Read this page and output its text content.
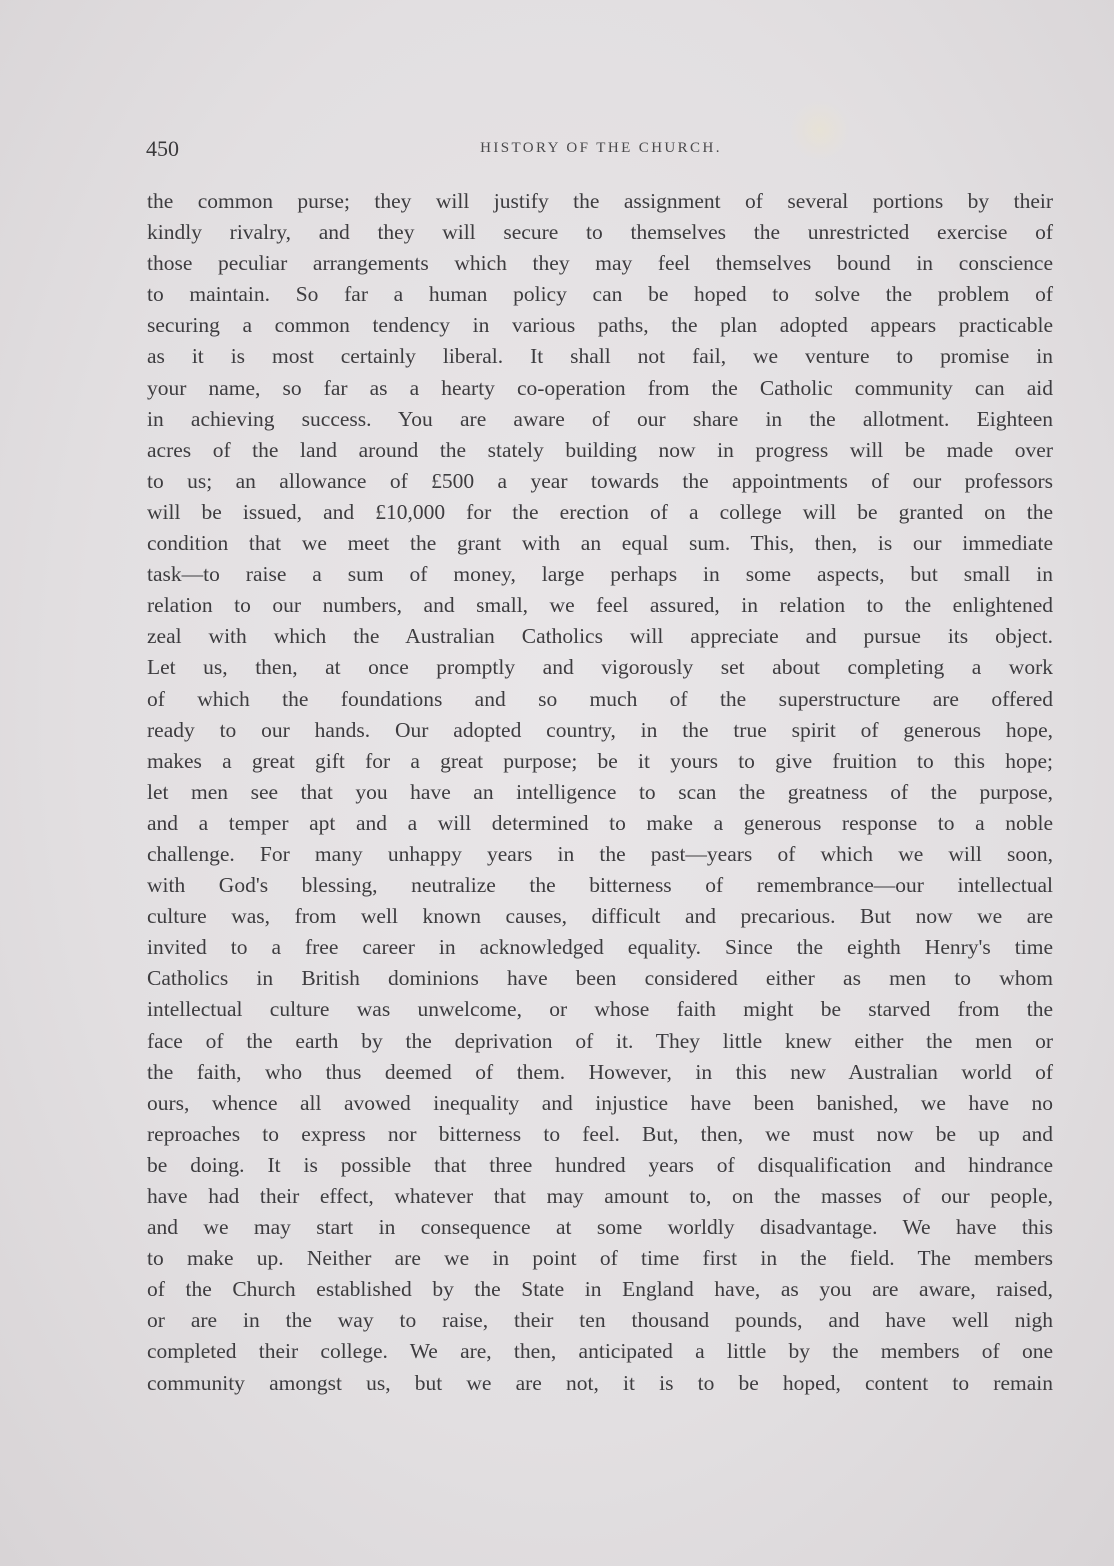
450	HISTORY OF THE CHURCH.
the common purse; they will justify the assignment of several portions by their
kindly rivalry, and they will secure to themselves the unrestricted exercise of
those peculiar arrangements which they may feel themselves bound in conscience
to maintain. So far a human policy can be hoped to solve the problem of
securing a common tendency in various paths, the plan adopted appears practicable
as it is most certainly liberal. It shall not fail, we venture to promise in
your name, so far as a hearty co-operation from the Catholic community can aid
in achieving success. You are aware of our share in the allotment. Eighteen
acres of the land around the stately building now in progress will be made over
to us; an allowance of £500 a year towards the appointments of our professors
will be issued, and £10,000 for the erection of a college will be granted on the
condition that we meet the grant with an equal sum. This, then, is our immediate
task—to raise a sum of money, large perhaps in some aspects, but small in
relation to our numbers, and small, we feel assured, in relation to the enlightened
zeal with which the Australian Catholics will appreciate and pursue its object.
Let us, then, at once promptly and vigorously set about completing a work
of which the foundations and so much of the superstructure are offered
ready to our hands. Our adopted country, in the true spirit of generous hope,
makes a great gift for a great purpose; be it yours to give fruition to this hope;
let men see that you have an intelligence to scan the greatness of the purpose,
and a temper apt and a will determined to make a generous response to a noble
challenge. For many unhappy years in the past—years of which we will soon,
with God's blessing, neutralize the bitterness of remembrance—our intellectual
culture was, from well known causes, difficult and precarious. But now we are
invited to a free career in acknowledged equality. Since the eighth Henry's time
Catholics in British dominions have been considered either as men to whom
intellectual culture was unwelcome, or whose faith might be starved from the
face of the earth by the deprivation of it. They little knew either the men or
the faith, who thus deemed of them. However, in this new Australian world of
ours, whence all avowed inequality and injustice have been banished, we have no
reproaches to express nor bitterness to feel. But, then, we must now be up and
be doing. It is possible that three hundred years of disqualification and hindrance
have had their effect, whatever that may amount to, on the masses of our people,
and we may start in consequence at some worldly disadvantage. We have this
to make up. Neither are we in point of time first in the field. The members
of the Church established by the State in England have, as you are aware, raised,
or are in the way to raise, their ten thousand pounds, and have well nigh
completed their college. We are, then, anticipated a little by the members of one
community amongst us, but we are not, it is to be hoped, content to remain
